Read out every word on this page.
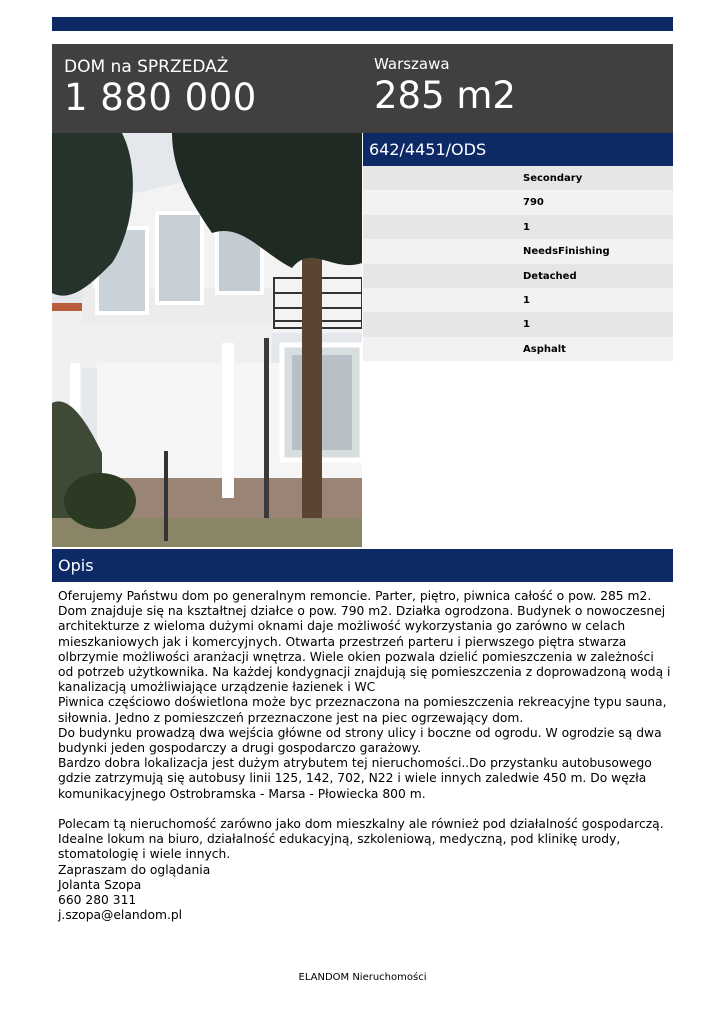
DOM na SPRZEDAŻ
1 880 000
Warszawa
285 m2
642/4451/ODS
Secondary
790
1
NeedsFinishing
Detached
1
1
Asphalt
Opis
Oferujemy Państwu dom po generalnym remoncie. Parter, piętro, piwnica całość o pow. 285 m2.
Dom znajduje się na kształtnej działce o pow. 790 m2. Działka ogrodzona. Budynek o nowoczesnej
architekturze z wieloma dużymi oknami daje możliwość wykorzystania go zarówno w celach
mieszkaniowych jak i komercyjnych. Otwarta przestrzeń parteru i pierwszego piętra stwarza
olbrzymie możliwości aranżacji wnętrza. Wiele okien pozwala dzielić pomieszczenia w zależności
od potrzeb użytkownika. Na każdej kondygnacji znajdują się pomieszczenia z doprowadzoną wodą i
kanalizacją umożliwiające urządzenie łazienek i WC
Piwnica częściowo doświetlona może byc przeznaczona na pomieszczenia rekreacyjne typu sauna,
siłownia. Jedno z pomieszczeń przeznaczone jest na piec ogrzewający dom.
Do budynku prowadzą dwa wejścia główne od strony ulicy i boczne od ogrodu. W ogrodzie są dwa
budynki jeden gospodarczy a drugi gospodarczo garażowy.
Bardzo dobra lokalizacja jest dużym atrybutem tej nieruchomości..Do przystanku autobusowego
gdzie zatrzymują się autobusy linii 125, 142, 702, N22 i wiele innych zaledwie 450 m. Do węzła
komunikacyjnego Ostrobramska - Marsa - Płowiecka 800 m.
Polecam tą nieruchomość zarówno jako dom mieszkalny ale również pod działalność gospodarczą.
Idealne lokum na biuro, działalność edukacyjną, szkoleniową, medyczną, pod klinikę urody,
stomatologię i wiele innych.
Zapraszam do oglądania
Jolanta Szopa
660 280 311
j.szopa@elandom.pl
ELANDOM Nieruchomości
